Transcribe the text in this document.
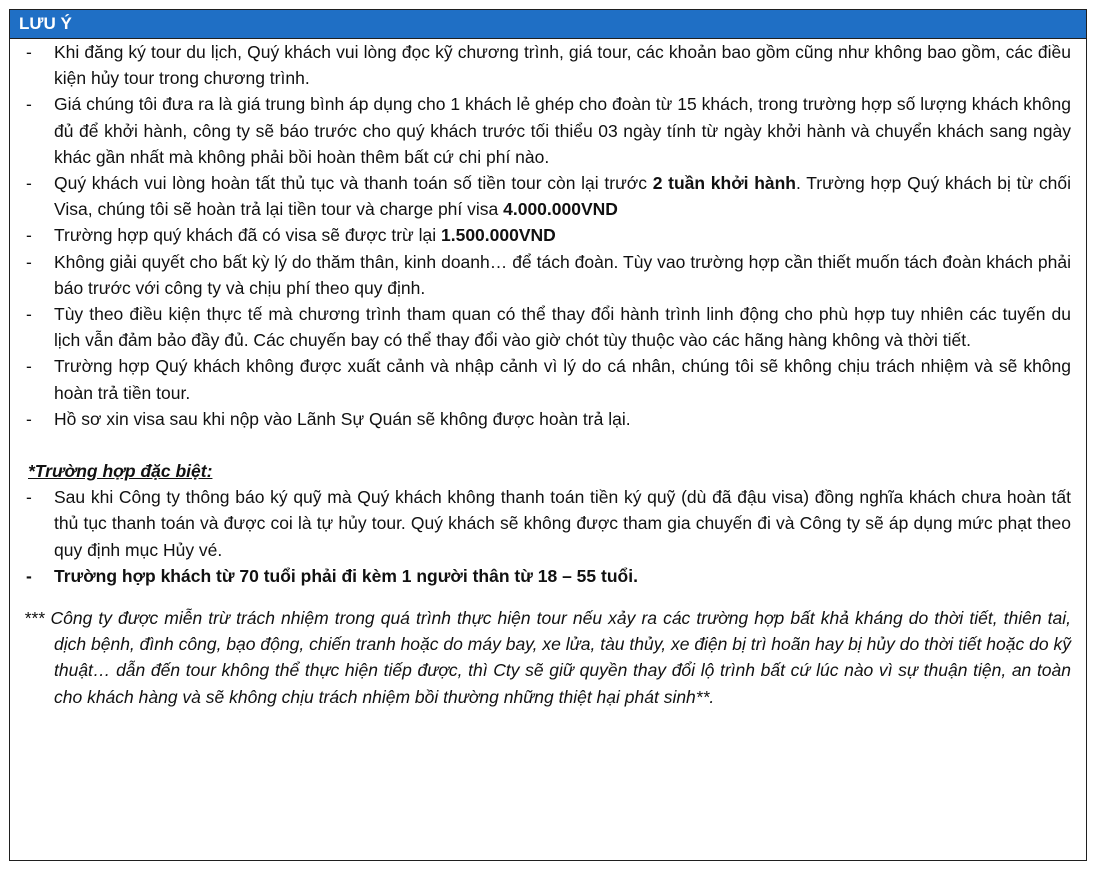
LƯU Ý
- Khi đăng ký tour du lịch, Quý khách vui lòng đọc kỹ chương trình, giá tour, các khoản bao gồm cũng như không bao gồm, các điều kiện hủy tour trong chương trình.
- Giá chúng tôi đưa ra là giá trung bình áp dụng cho 1 khách lẻ ghép cho đoàn từ 15 khách, trong trường hợp số lượng khách không đủ để khởi hành, công ty sẽ báo trước cho quý khách trước tối thiểu 03 ngày tính từ ngày khởi hành và chuyển khách sang ngày khác gần nhất mà không phải bồi hoàn thêm bất cứ chi phí nào.
- Quý khách vui lòng hoàn tất thủ tục và thanh toán số tiền tour còn lại trước 2 tuần khởi hành. Trường hợp Quý khách bị từ chối Visa, chúng tôi sẽ hoàn trả lại tiền tour và charge phí visa 4.000.000VND
- Trường hợp quý khách đã có visa sẽ được trừ lại 1.500.000VND
- Không giải quyết cho bất kỳ lý do thăm thân, kinh doanh… để tách đoàn. Tùy vao trường hợp cần thiết muốn tách đoàn khách phải báo trước với công ty và chịu phí theo quy định.
- Tùy theo điều kiện thực tế mà chương trình tham quan có thể thay đổi hành trình linh động cho phù hợp tuy nhiên các tuyến du lịch vẫn đảm bảo đầy đủ. Các chuyến bay có thể thay đổi vào giờ chót tùy thuộc vào các hãng hàng không và thời tiết.
- Trường hợp Quý khách không được xuất cảnh và nhập cảnh vì lý do cá nhân, chúng tôi sẽ không chịu trách nhiệm và sẽ không hoàn trả tiền tour.
- Hồ sơ xin visa sau khi nộp vào Lãnh Sự Quán sẽ không được hoàn trả lại.
*Trường hợp đặc biệt:
- Sau khi Công ty thông báo ký quỹ mà Quý khách không thanh toán tiền ký quỹ (dù đã đậu visa) đồng nghĩa khách chưa hoàn tất thủ tục thanh toán và được coi là tự hủy tour. Quý khách sẽ không được tham gia chuyến đi và Công ty sẽ áp dụng mức phạt theo quy định mục Hủy vé.
- Trường hợp khách từ 70 tuổi phải đi kèm 1 người thân từ 18 – 55 tuổi.
*** Công ty được miễn trừ trách nhiệm trong quá trình thực hiện tour nếu xảy ra các trường hợp bất khả kháng do thời tiết, thiên tai, dịch bệnh, đình công, bạo động, chiến tranh hoặc do máy bay, xe lửa, tàu thủy, xe điện bị trì hoãn hay bị hủy do thời tiết hoặc do kỹ thuật… dẫn đến tour không thể thực hiện tiếp được, thì Cty sẽ giữ quyền thay đổi lộ trình bất cứ lúc nào vì sự thuận tiện, an toàn cho khách hàng và sẽ không chịu trách nhiệm bồi thường những thiệt hại phát sinh**.
